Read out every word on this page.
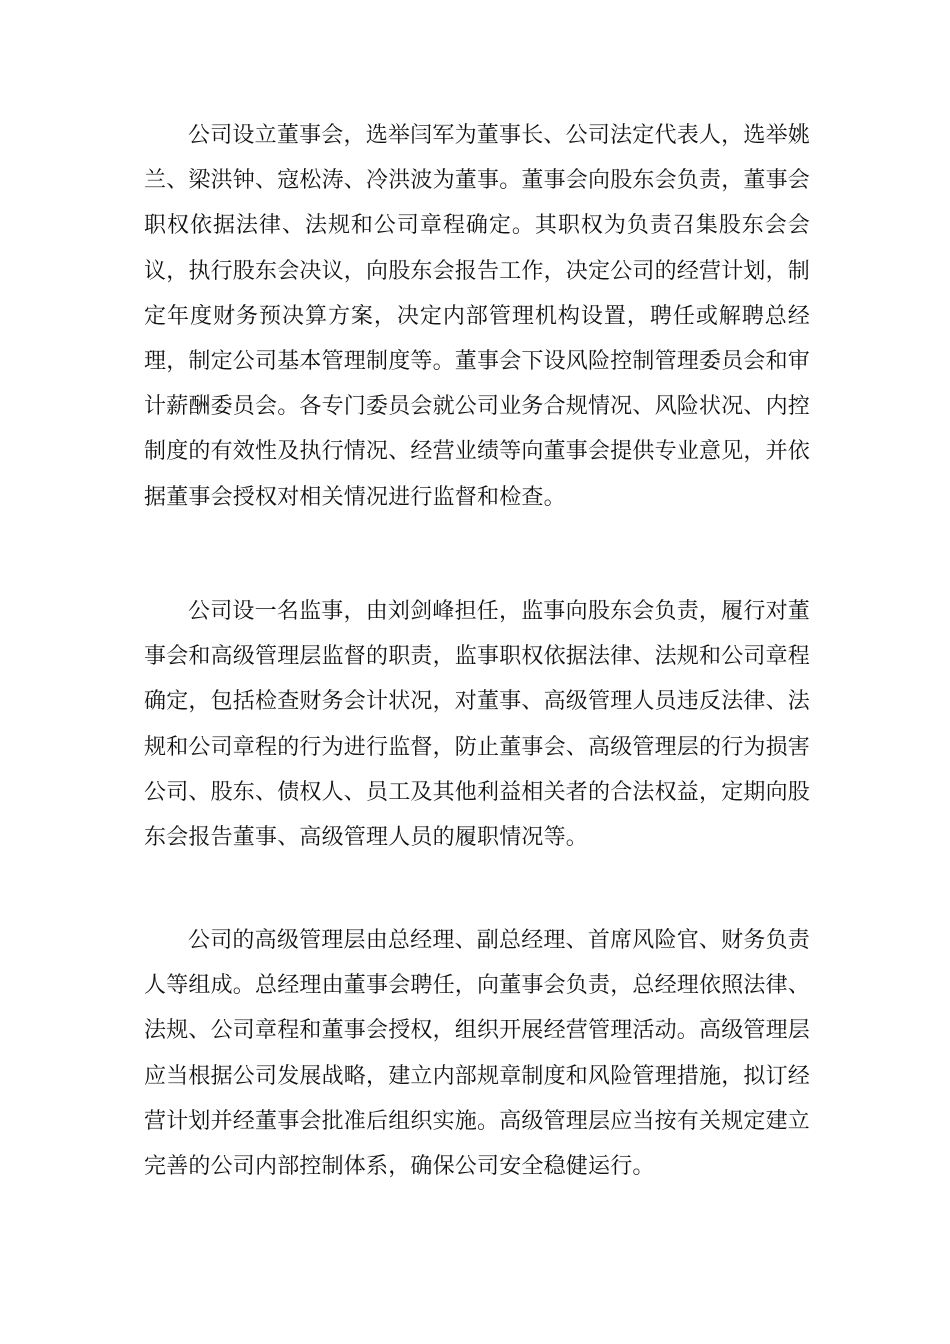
公司设立董事会，选举闫军为董事长、公司法定代表人，选举姚兰、梁洪钟、寇松涛、冷洪波为董事。董事会向股东会负责，董事会职权依据法律、法规和公司章程确定。其职权为负责召集股东会会议，执行股东会决议，向股东会报告工作，决定公司的经营计划，制定年度财务预决算方案，决定内部管理机构设置，聘任或解聘总经理，制定公司基本管理制度等。董事会下设风险控制管理委员会和审计薪酬委员会。各专门委员会就公司业务合规情况、风险状况、内控制度的有效性及执行情况、经营业绩等向董事会提供专业意见，并依据董事会授权对相关情况进行监督和检查。

公司设一名监事，由刘剑峰担任，监事向股东会负责，履行对董事会和高级管理层监督的职责，监事职权依据法律、法规和公司章程确定，包括检查财务会计状况，对董事、高级管理人员违反法律、法规和公司章程的行为进行监督，防止董事会、高级管理层的行为损害公司、股东、债权人、员工及其他利益相关者的合法权益，定期向股东会报告董事、高级管理人员的履职情况等。

公司的高级管理层由总经理、副总经理、首席风险官、财务负责人等组成。总经理由董事会聘任，向董事会负责，总经理依照法律、法规、公司章程和董事会授权，组织开展经营管理活动。高级管理层应当根据公司发展战略，建立内部规章制度和风险管理措施，拟订经营计划并经董事会批准后组织实施。高级管理层应当按有关规定建立完善的公司内部控制体系，确保公司安全稳健运行。
